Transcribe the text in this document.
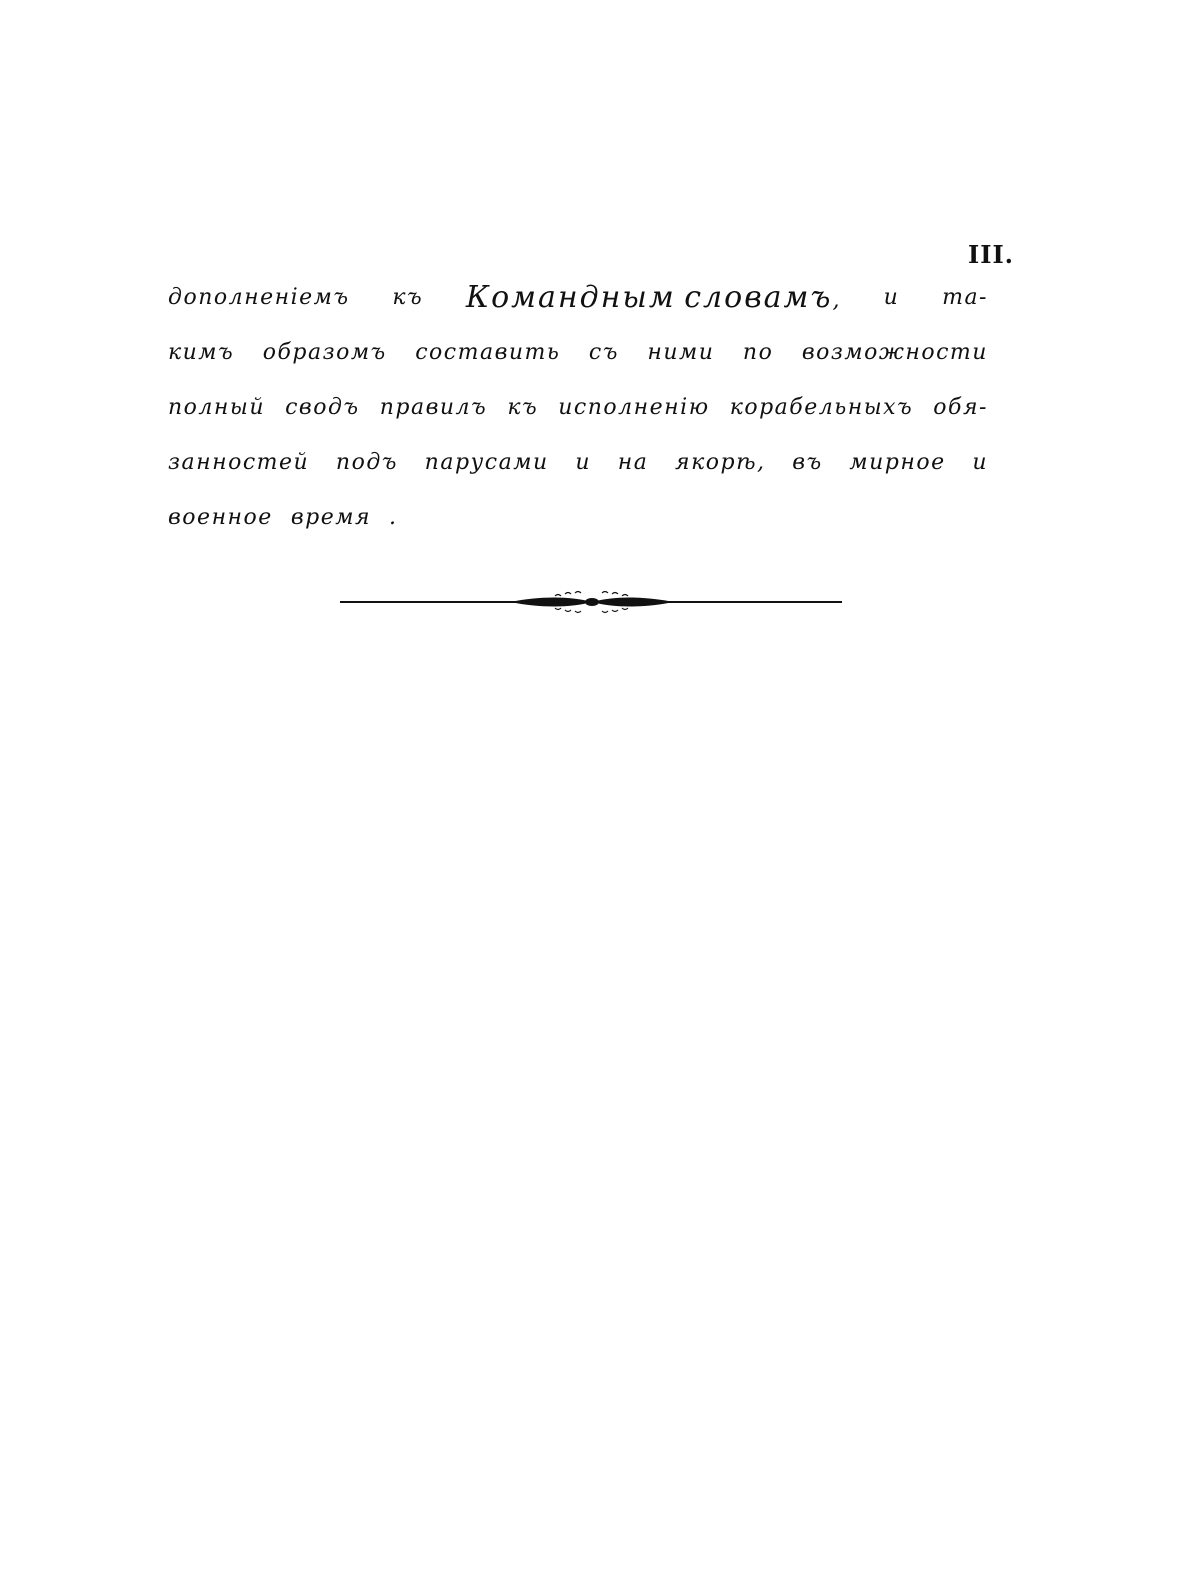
III.
дополненіемъ къ Командным словамъ, и та-
кимъ образомъ составить съ ними по возможности
полный сводъ правилъ къ исполненію корабельныхъ обя-
занностей подъ парусами и на якорѣ, въ мирное и
военное время .
